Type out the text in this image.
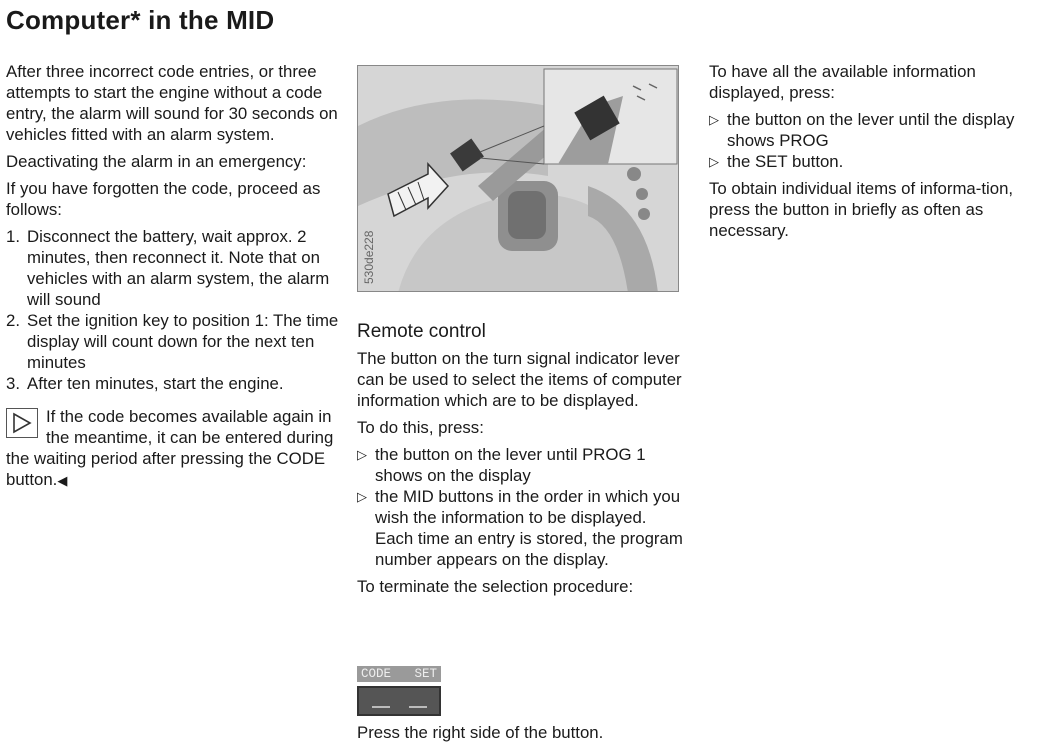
Computer* in the MID

After three incorrect code entries, or three attempts to start the engine without a code entry, the alarm will sound for 30 seconds on vehicles fitted with an alarm system.

Deactivating the alarm in an emergency:

If you have forgotten the code, proceed as follows:

1. Disconnect the battery, wait approx. 2 minutes, then reconnect it. Note that on vehicles with an alarm system, the alarm will sound
2. Set the ignition key to position 1: The time display will count down for the next ten minutes
3. After ten minutes, start the engine.
If the code becomes available again in the meantime, it can be entered during the waiting period after pressing the CODE button.◀
530de228
Remote control

The button on the turn signal indicator lever can be used to select the items of computer information which are to be displayed.

To do this, press:

▷ the button on the lever until PROG 1 shows on the display
▷ the MID buttons in the order in which you wish the information to be displayed.
Each time an entry is stored, the program number appears on the display.

To terminate the selection procedure:

CODE SET

Press the right side of the button.

To have all the available information displayed, press:

▷ the button on the lever until the display shows PROG
▷ the SET button.

To obtain individual items of informa-tion, press the button in briefly as often as necessary.
